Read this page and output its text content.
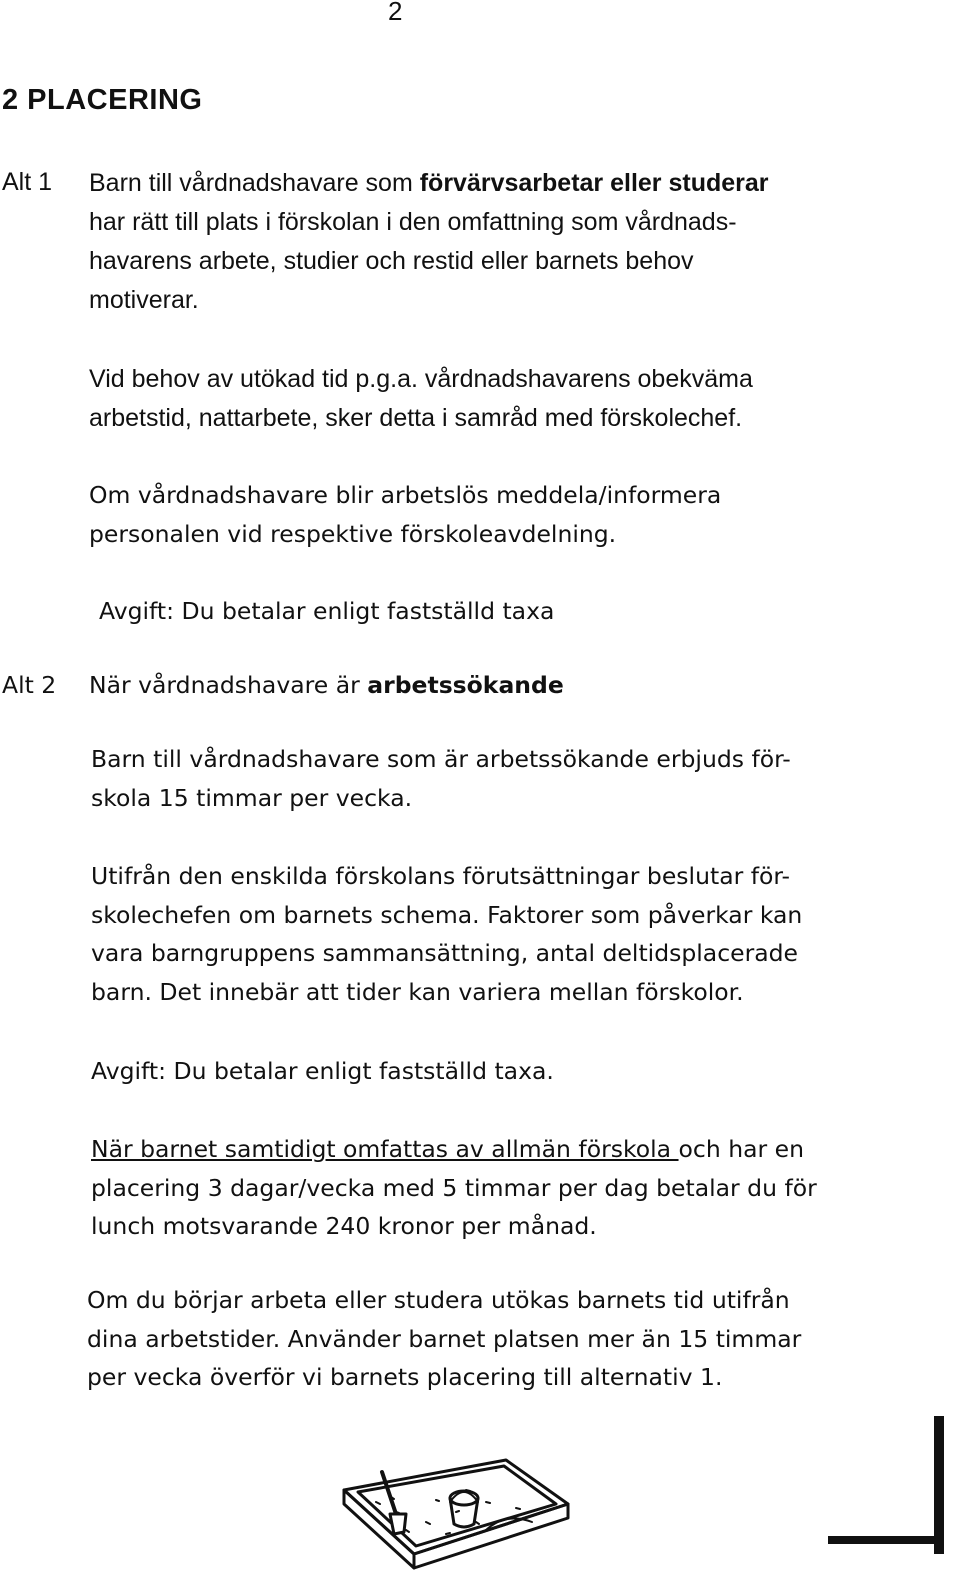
2
2 PLACERING
Alt 1 Barn till vårdnadshavare som förvärvsarbetar eller studerar
har rätt till plats i förskolan i den omfattning som vårdnads-
havarens arbete, studier och restid eller barnets behov
motiverar.
Vid behov av utökad tid p.g.a. vårdnadshavarens obekväma
arbetstid, nattarbete, sker detta i samråd med förskolechef.
Om vårdnadshavare blir arbetslös meddela/informera
personalen vid respektive förskoleavdelning.
Avgift: Du betalar enligt fastställd taxa
Alt 2 När vårdnadshavare är arbetssökande
Barn till vårdnadshavare som är arbetssökande erbjuds för-
skola 15 timmar per vecka.
Utifrån den enskilda förskolans förutsättningar beslutar för-
skolechefen om barnets schema. Faktorer som påverkar kan
vara barngruppens sammansättning, antal deltidsplacerade
barn. Det innebär att tider kan variera mellan förskolor.
Avgift: Du betalar enligt fastställd taxa.
När barnet samtidigt omfattas av allmän förskola och har en
placering 3 dagar/vecka med 5 timmar per dag betalar du för
lunch motsvarande 240 kronor per månad.
Om du börjar arbeta eller studera utökas barnets tid utifrån
dina arbetstider. Använder barnet platsen mer än 15 timmar
per vecka överför vi barnets placering till alternativ 1.
